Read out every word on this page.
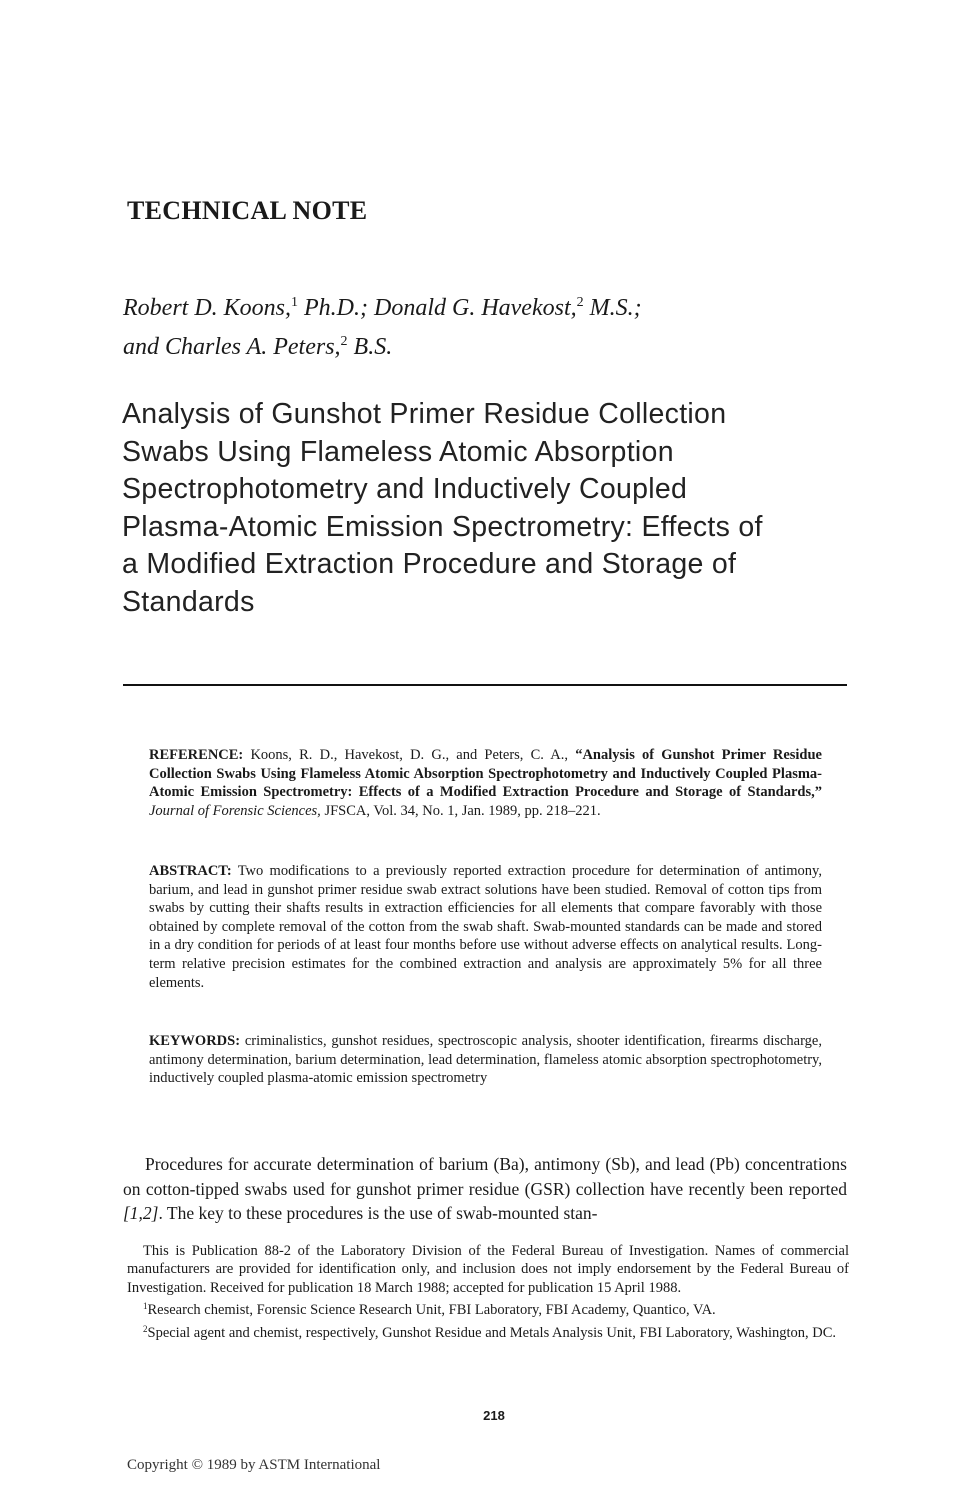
TECHNICAL NOTE
Robert D. Koons,$^1$ Ph.D.; Donald G. Havekost,$^2$ M.S.;
and Charles A. Peters,$^2$ B.S.
Analysis of Gunshot Primer Residue Collection
Swabs Using Flameless Atomic Absorption
Spectrophotometry and Inductively Coupled
Plasma-Atomic Emission Spectrometry: Effects of
a Modified Extraction Procedure and Storage of
Standards
REFERENCE: Koons, R. D., Havekost, D. G., and Peters, C. A., “Analysis of Gunshot Primer Residue Collection Swabs Using Flameless Atomic Absorption Spectrophotometry and Inductively Coupled Plasma-Atomic Emission Spectrometry: Effects of a Modified Extraction Procedure and Storage of Standards,” Journal of Forensic Sciences, JFSCA, Vol. 34, No. 1, Jan. 1989, pp. 218–221.
ABSTRACT: Two modifications to a previously reported extraction procedure for determination of antimony, barium, and lead in gunshot primer residue swab extract solutions have been studied. Removal of cotton tips from swabs by cutting their shafts results in extraction efficiencies for all elements that compare favorably with those obtained by complete removal of the cotton from the swab shaft. Swab-mounted standards can be made and stored in a dry condition for periods of at least four months before use without adverse effects on analytical results. Long-term relative precision estimates for the combined extraction and analysis are approximately 5% for all three elements.
KEYWORDS: criminalistics, gunshot residues, spectroscopic analysis, shooter identification, firearms discharge, antimony determination, barium determination, lead determination, flameless atomic absorption spectrophotometry, inductively coupled plasma-atomic emission spectrometry
Procedures for accurate determination of barium (Ba), antimony (Sb), and lead (Pb) concentrations on cotton-tipped swabs used for gunshot primer residue (GSR) collection have recently been reported [1,2]. The key to these procedures is the use of swab-mounted stan-

This is Publication 88-2 of the Laboratory Division of the Federal Bureau of Investigation. Names of commercial manufacturers are provided for identification only, and inclusion does not imply endorsement by the Federal Bureau of Investigation. Received for publication 18 March 1988; accepted for publication 15 April 1988.

$^1$Research chemist, Forensic Science Research Unit, FBI Laboratory, FBI Academy, Quantico, VA.

$^2$Special agent and chemist, respectively, Gunshot Residue and Metals Analysis Unit, FBI Laboratory, Washington, DC.

218
Copyright © 1989 by ASTM International
